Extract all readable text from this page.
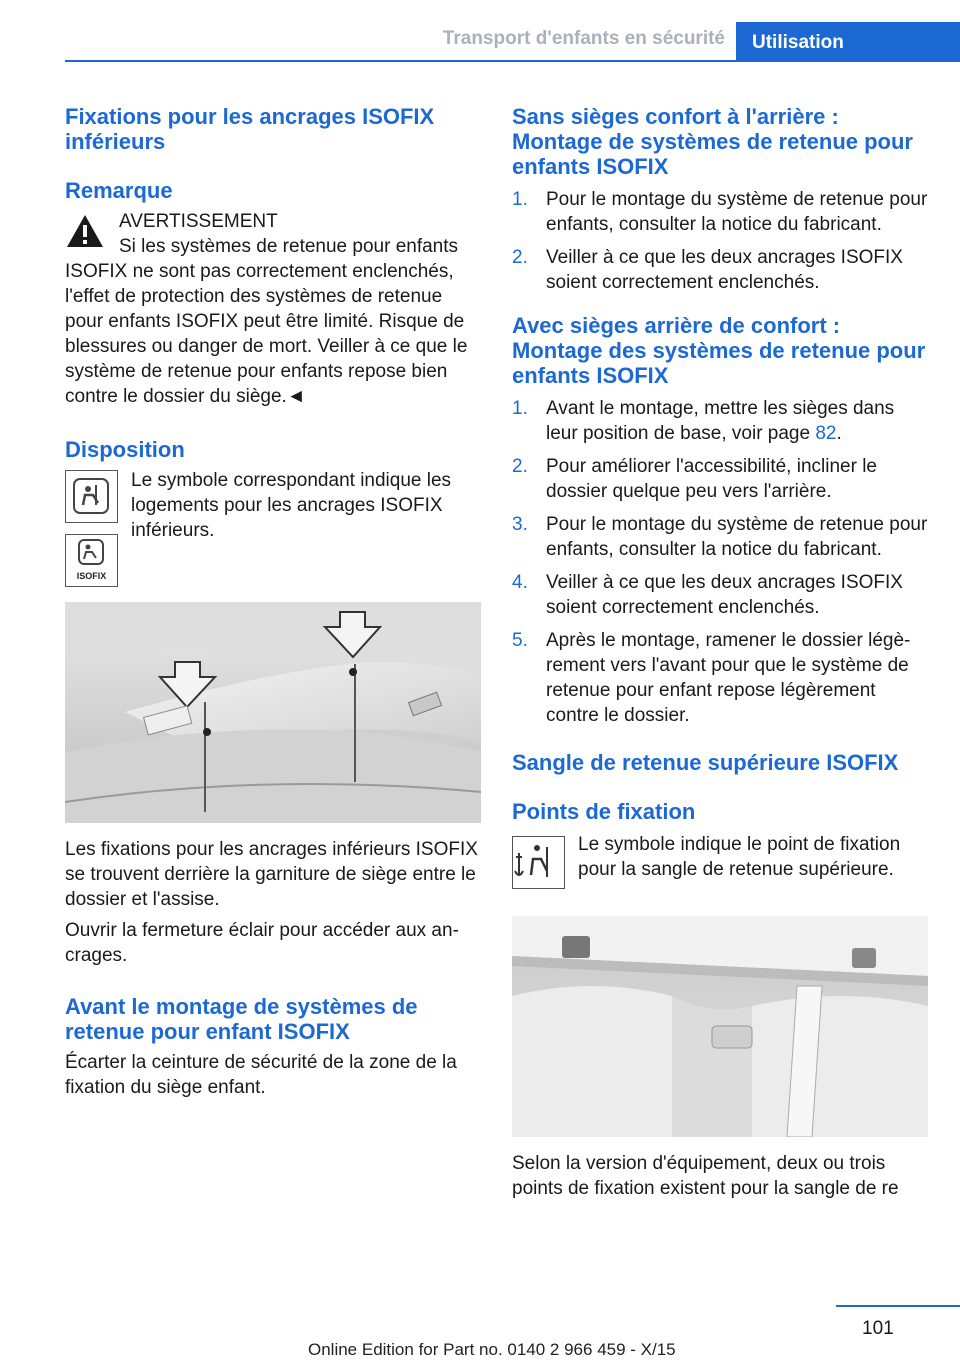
Transport d'enfants en sécurité	Utilisation
Fixations pour les ancrages ISOFIX inférieurs
Remarque
AVERTISSEMENT

Si les systèmes de retenue pour enfants ISOFIX ne sont pas correctement enclenchés, l'effet de protection des systèmes de retenue pour enfants ISOFIX peut être limité. Risque de blessures ou danger de mort. Veiller à ce que le système de retenue pour enfants repose bien contre le dossier du siège.◄

Disposition
ISOFIX

Le symbole correspondant indique les logements pour les ancrages ISOFIX inférieurs.

Les fixations pour les ancrages inférieurs ISOFIX se trouvent derrière la garniture de siège entre le dossier et l'assise.

Ouvrir la fermeture éclair pour accéder aux ancrages.

Avant le montage de systèmes de retenue pour enfant ISOFIX

Écarter la ceinture de sécurité de la zone de la fixation du siège enfant.

Sans sièges confort à l'arrière : Montage de systèmes de retenue pour enfants ISOFIX
1. Pour le montage du système de retenue pour enfants, consulter la notice du fabricant.
2. Veiller à ce que les deux ancrages ISOFIX soient correctement enclenchés.
Avec sièges arrière de confort : Montage des systèmes de retenue pour enfants ISOFIX
1. Avant le montage, mettre les sièges dans leur position de base, voir page 82.
2. Pour améliorer l'accessibilité, incliner le dossier quelque peu vers l'arrière.
3. Pour le montage du système de retenue pour enfants, consulter la notice du fabricant.
4. Veiller à ce que les deux ancrages ISOFIX soient correctement enclenchés.
5. Après le montage, ramener le dossier légèrement vers l'avant pour que le système de retenue pour enfant repose légèrement contre le dossier.
Sangle de retenue supérieure ISOFIX
Points de fixation

Le symbole indique le point de fixation pour la sangle de retenue supérieure.

Selon la version d'équipement, deux ou trois points de fixation existent pour la sangle de re

101
Online Edition for Part no. 0140 2 966 459 - X/15
